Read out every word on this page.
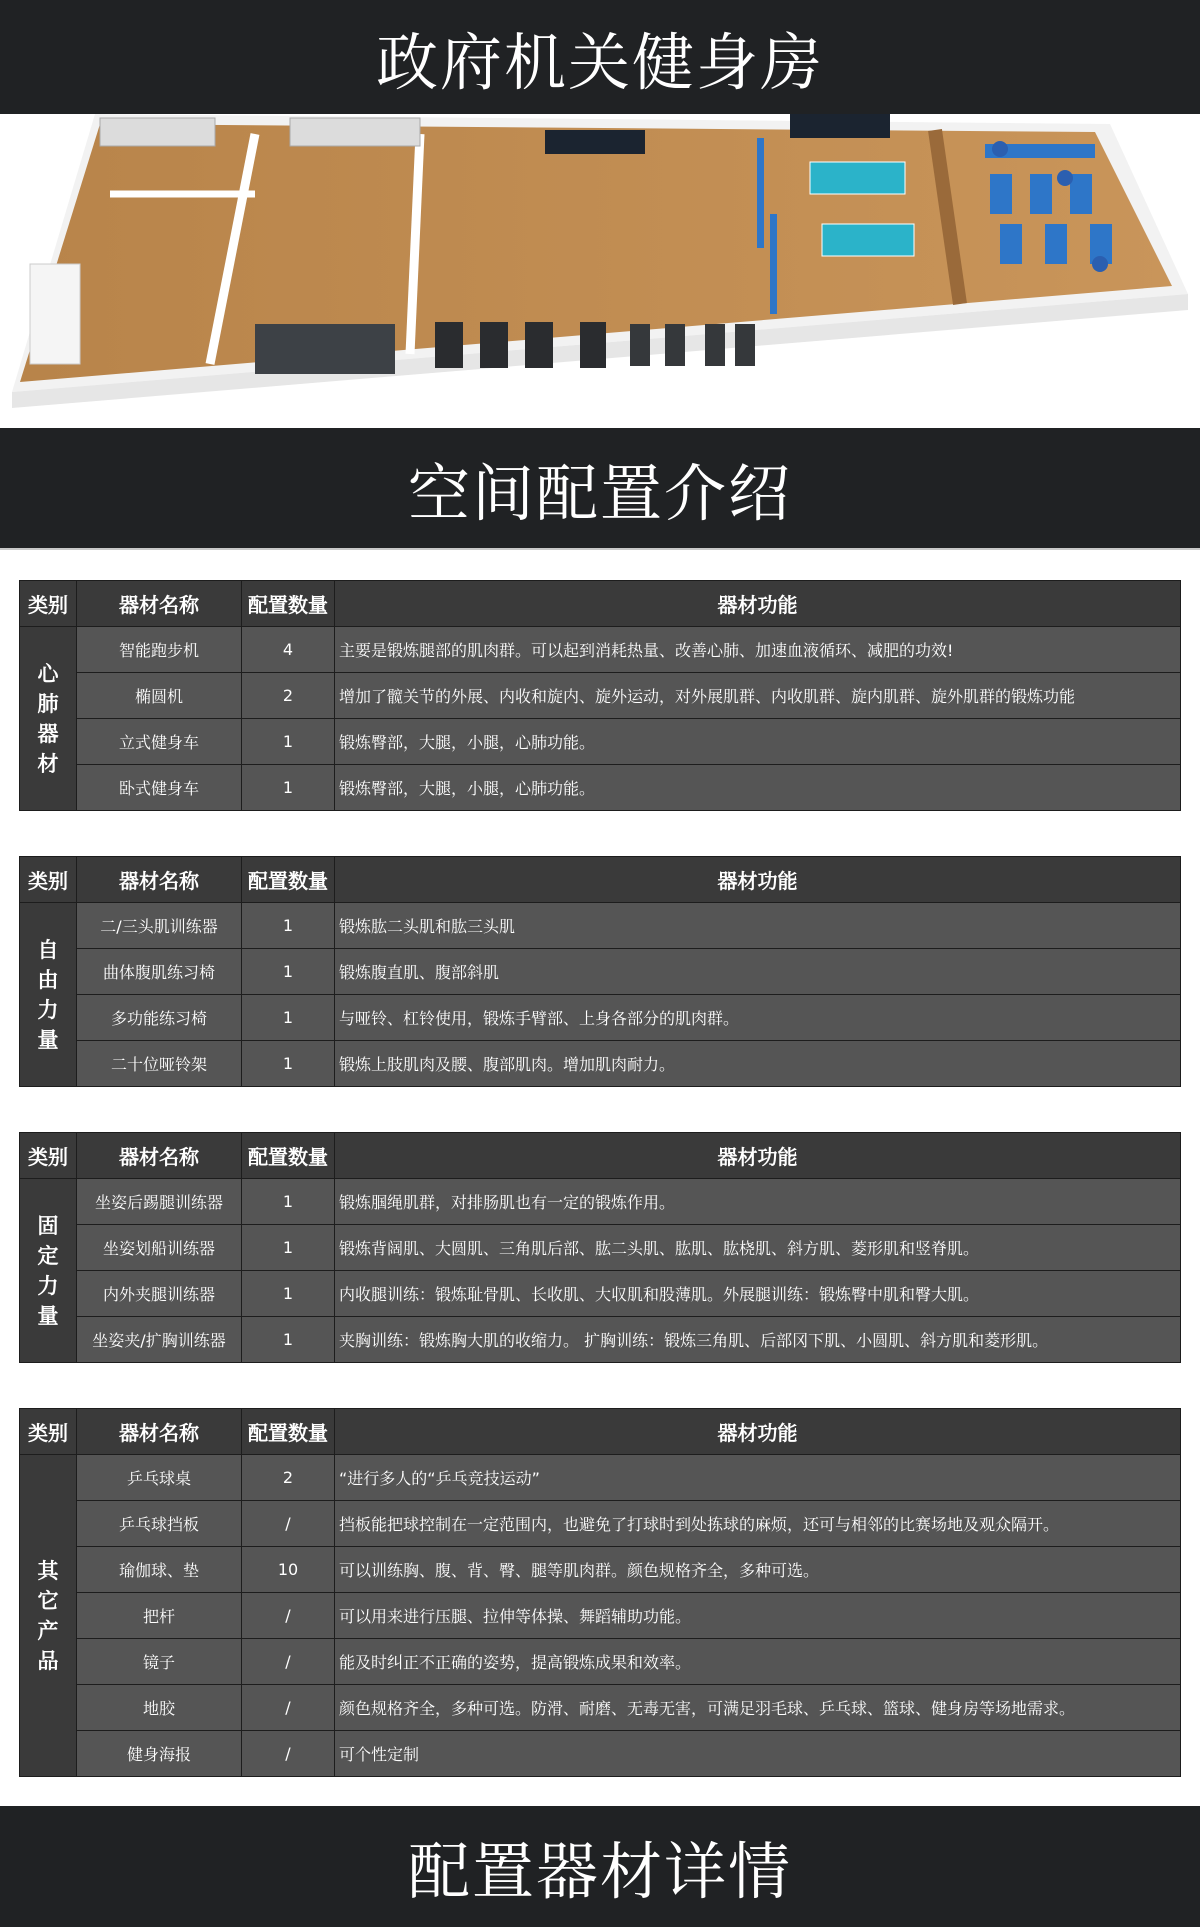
政府机关健身房
空间配置介绍
类别	器材名称	配置数量	器材功能

心肺器材	智能跑步机	4	主要是锻炼腿部的肌肉群。可以起到消耗热量、改善心肺、加速血液循环、减肥的功效!
	椭圆机	2	增加了髋关节的外展、内收和旋内、旋外运动，对外展肌群、内收肌群、旋内肌群、旋外肌群的锻炼功能
	立式健身车	1	锻炼臀部，大腿，小腿，心肺功能。
	卧式健身车	1	锻炼臀部，大腿，小腿，心肺功能。
类别	器材名称	配置数量	器材功能

自由力量	二/三头肌训练器	1	锻炼肱二头肌和肱三头肌
	曲体腹肌练习椅	1	锻炼腹直肌、腹部斜肌
	多功能练习椅	1	与哑铃、杠铃使用，锻炼手臂部、上身各部分的肌肉群。
	二十位哑铃架	1	锻炼上肢肌肉及腰、腹部肌肉。增加肌肉耐力。
类别	器材名称	配置数量	器材功能

固定力量	坐姿后踢腿训练器	1	锻炼腘绳肌群，对排肠肌也有一定的锻炼作用。
	坐姿划船训练器	1	锻炼背阔肌、大圆肌、三角肌后部、肱二头肌、肱肌、肱桡肌、斜方肌、菱形肌和竖脊肌。
	内外夹腿训练器	1	内收腿训练：锻炼耻骨肌、长收肌、大収肌和股薄肌。外展腿训练：锻炼臀中肌和臀大肌。
	坐姿夹/扩胸训练器	1	夹胸训练：锻炼胸大肌的收缩力。 扩胸训练：锻炼三角肌、后部冈下肌、小圆肌、斜方肌和菱形肌。
类别	器材名称	配置数量	器材功能

其它产品	乒乓球桌	2	“进行多人的“乒乓竞技运动”
	乒乓球挡板	/	挡板能把球控制在一定范围内，也避免了打球时到处拣球的麻烦，还可与相邻的比赛场地及观众隔开。
	瑜伽球、垫	10	可以训练胸、腹、背、臀、腿等肌肉群。颜色规格齐全，多种可选。
	把杆	/	可以用来进行压腿、拉伸等体操、舞蹈辅助功能。
	镜子	/	能及时纠正不正确的姿势，提高锻炼成果和效率。
	地胶	/	颜色规格齐全，多种可选。防滑、耐磨、无毒无害，可满足羽毛球、乒乓球、篮球、健身房等场地需求。
	健身海报	/	可个性定制
配置器材详情
